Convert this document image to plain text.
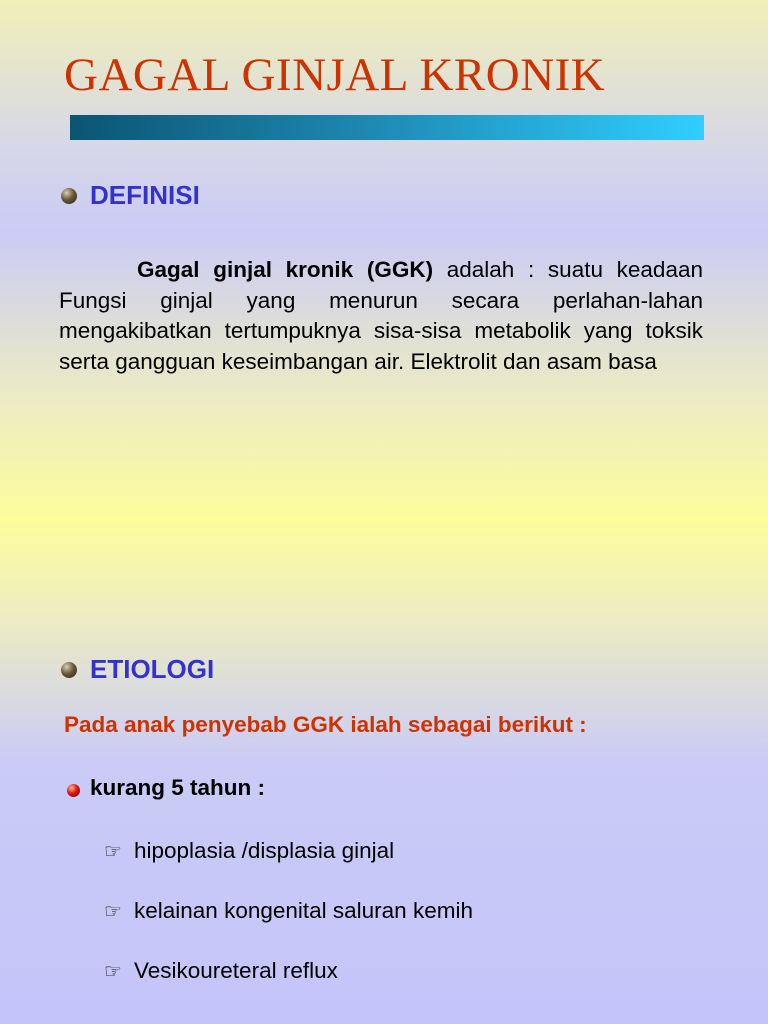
GAGAL GINJAL KRONIK
DEFINISI
Gagal ginjal kronik (GGK) adalah : suatu keadaan Fungsi ginjal yang menurun secara perlahan-lahan mengakibatkan tertumpuknya sisa-sisa metabolik yang toksik serta gangguan keseimbangan air. Elektrolit dan asam basa
ETIOLOGI
Pada anak penyebab GGK ialah sebagai berikut :
kurang 5 tahun :
☞ hipoplasia /displasia ginjal
☞ kelainan kongenital saluran kemih
☞ Vesikoureteral reflux
